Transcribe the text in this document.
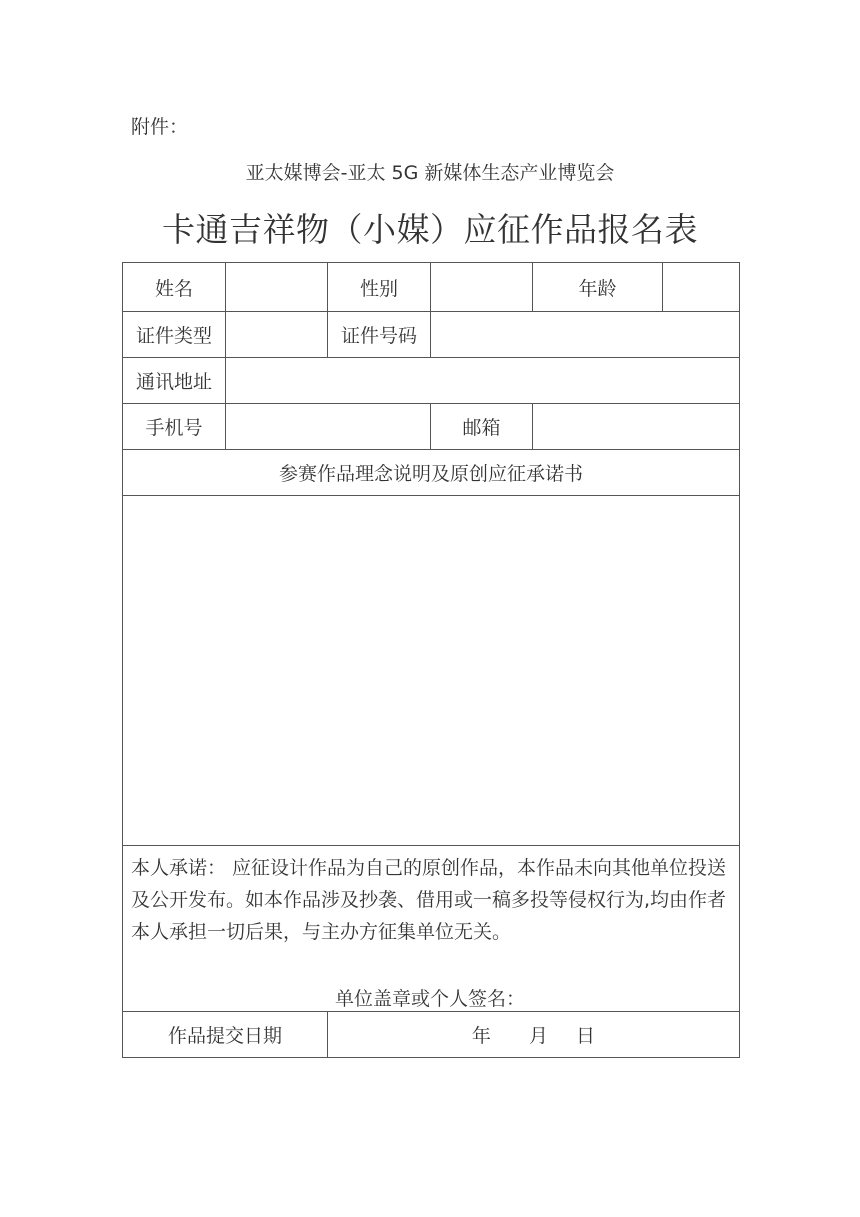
附件：
亚太媒博会-亚太 5G 新媒体生态产业博览会
卡通吉祥物（小媒）应征作品报名表
姓名		性别		年龄	
证件类型		证件号码			
通讯地址					
手机号			邮箱		
参赛作品理念说明及原创应征承诺书					

本人承诺： 应征设计作品为自己的原创作品，本作品未向其他单位投送及公开发布。如本作品涉及抄袭、借用或一稿多投等侵权行为,均由作者本人承担一切后果，与主办方征集单位无关。
单位盖章或个人签名：					

作品提交日期		年 月 日			
